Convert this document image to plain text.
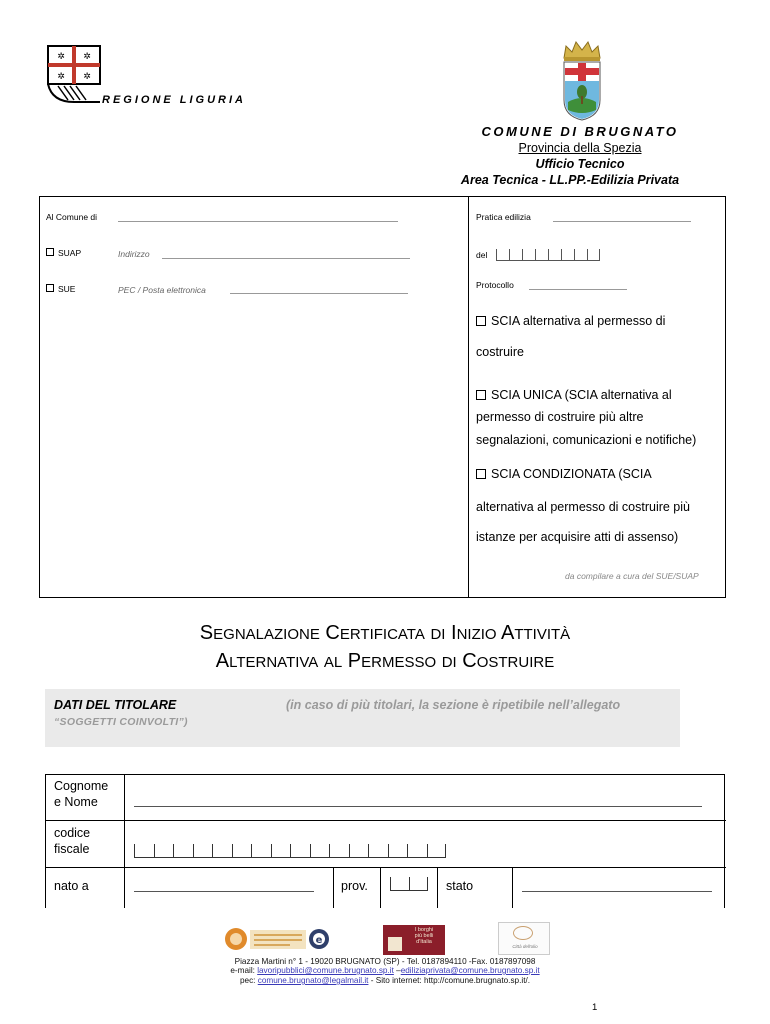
✲ ✲
✲ ✲
REGIONE LIGURIA
COMUNE DI BRUGNATO
Provincia della Spezia
Ufficio Tecnico
Area Tecnica - LL.PP.-Edilizia Privata
Al Comune di
SUAP	Indirizzo
SUE	PEC / Posta elettronica
Pratica edilizia
del
Protocollo
SCIA alternativa al permesso di
costruire
SCIA UNICA (SCIA alternativa al
permesso di costruire più altre
segnalazioni, comunicazioni e notifiche)
SCIA CONDIZIONATA (SCIA
alternativa al permesso di costruire più
istanze per acquisire atti di assenso)
da compilare a cura del SUE/SUAP
SEGNALAZIONE CERTIFICATA DI INIZIO ATTIVITÀ
ALTERNATIVA AL PERMESSO DI COSTRUIRE
DATI DEL TITOLARE	(in caso di più titolari, la sezione è ripetibile nell’allegato
“SOGGETTI COINVOLTI”)
Cognome
e Nome
codice
fiscale
nato a	prov.	stato
e
I borghi
più belli
d'Italia
Città dell'olio
Piazza Martini n° 1 - 19020 BRUGNATO (SP) - Tel. 0187894110 -Fax. 0187897098
e-mail: lavoripubblici@comune.brugnato.sp.it –ediliziaprivata@comune.brugnato.sp.it
pec: comune.brugnato@legalmail.it - Sito internet: http://comune.brugnato.sp.it/.
1
